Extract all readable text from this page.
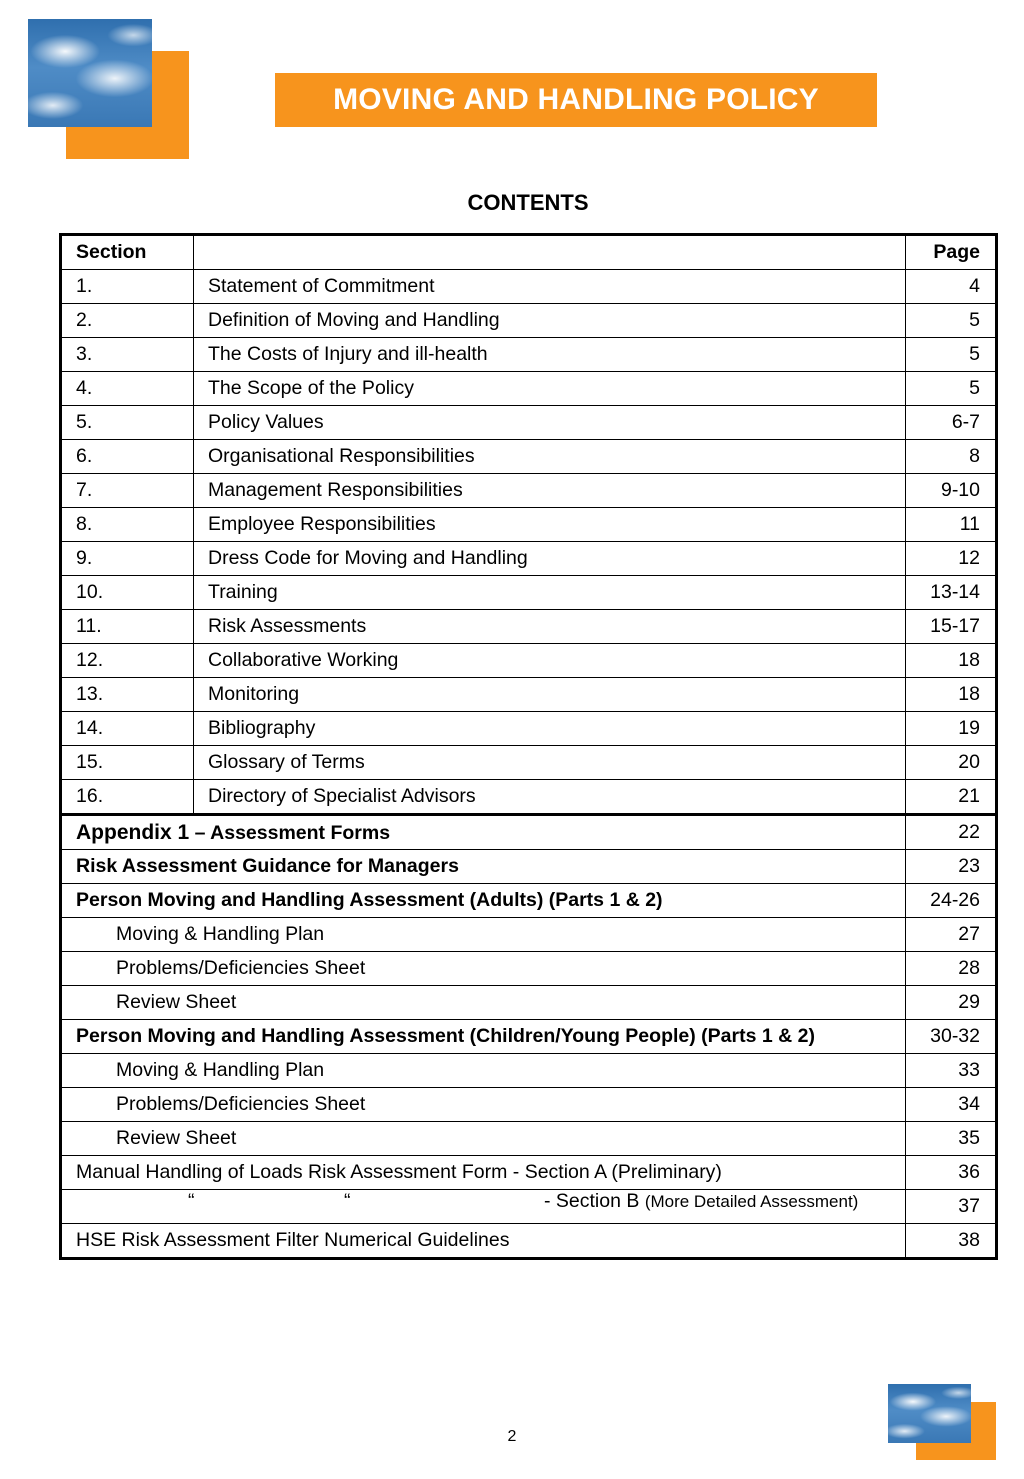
MOVING AND HANDLING POLICY
CONTENTS
Section		Page
1.	Statement of Commitment	4
2.	Definition of Moving and Handling	5
3.	The Costs of Injury and ill-health	5
4.	The Scope of the Policy	5
5.	Policy Values	6-7
6.	Organisational Responsibilities	8
7.	Management Responsibilities	9-10
8.	Employee Responsibilities	11
9.	Dress Code for Moving and Handling	12
10.	Training	13-14
11.	Risk Assessments	15-17
12.	Collaborative Working	18
13.	Monitoring	18
14.	Bibliography	19
15.	Glossary of Terms	20
16.	Directory of Specialist Advisors	21
Appendix 1 – Assessment Forms		22
Risk Assessment Guidance for Managers		23
Person Moving and Handling Assessment (Adults) (Parts 1 & 2)		24-26
Moving & Handling Plan		27
Problems/Deficiencies Sheet		28
Review Sheet		29
Person Moving and Handling Assessment (Children/Young People) (Parts 1 & 2)		30-32
Moving & Handling Plan		33
Problems/Deficiencies Sheet		34
Review Sheet		35
Manual Handling of Loads Risk Assessment Form - Section A (Preliminary)		36

“ “ - Section B (More Detailed Assessment)		37
HSE Risk Assessment Filter Numerical Guidelines		38
2
